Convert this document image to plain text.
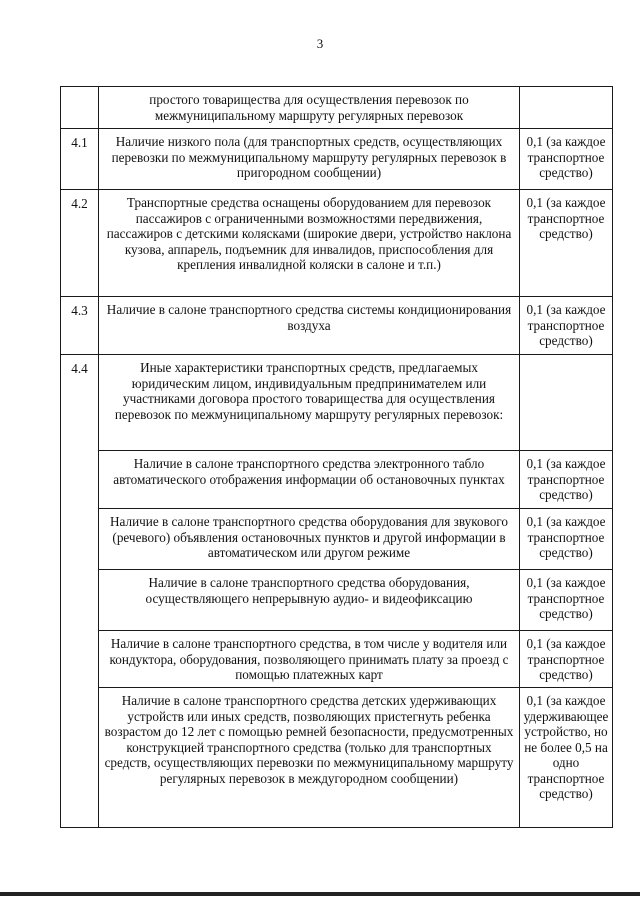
3
	простого товарищества для осуществления перевозок по межмуниципальному маршруту регулярных перевозок	
4.1	Наличие низкого пола (для транспортных средств, осуществляющих перевозки по межмуниципальному маршруту регулярных перевозок в пригородном сообщении)	0,1 (за каждое транспортное средство)
4.2	Транспортные средства оснащены оборудованием для перевозок пассажиров с ограниченными возможностями передвижения, пассажиров с детскими колясками (широкие двери, устройство наклона кузова, аппарель, подъемник для инвалидов, приспособления для крепления инвалидной коляски в салоне и т.п.)	0,1 (за каждое транспортное средство)
4.3	Наличие в салоне транспортного средства системы кондиционирования воздуха	0,1 (за каждое транспортное средство)
4.4	Иные характеристики транспортных средств, предлагаемых юридическим лицом, индивидуальным предпринимателем или участниками договора простого товарищества для осуществления перевозок по межмуниципальному маршруту регулярных перевозок:	
	Наличие в салоне транспортного средства электронного табло автоматического отображения информации об остановочных пунктах	0,1 (за каждое транспортное средство)
	Наличие в салоне транспортного средства оборудования для звукового (речевого) объявления остановочных пунктов и другой информации в автоматическом или другом режиме	0,1 (за каждое транспортное средство)
	Наличие в салоне транспортного средства оборудования, осуществляющего непрерывную аудио- и видеофиксацию	0,1 (за каждое транспортное средство)
	Наличие в салоне транспортного средства, в том числе у водителя или кондуктора, оборудования, позволяющего принимать плату за проезд с помощью платежных карт	0,1 (за каждое транспортное средство)
	Наличие в салоне транспортного средства детских удерживающих устройств или иных средств, позволяющих пристегнуть ребенка возрастом до 12 лет с помощью ремней безопасности, предусмотренных конструкцией транспортного средства (только для транспортных средств, осуществляющих перевозки по межмуниципальному маршруту регулярных перевозок в междугородном сообщении)	0,1 (за каждое удерживающее устройство, но не более 0,5 на одно транспортное средство)
